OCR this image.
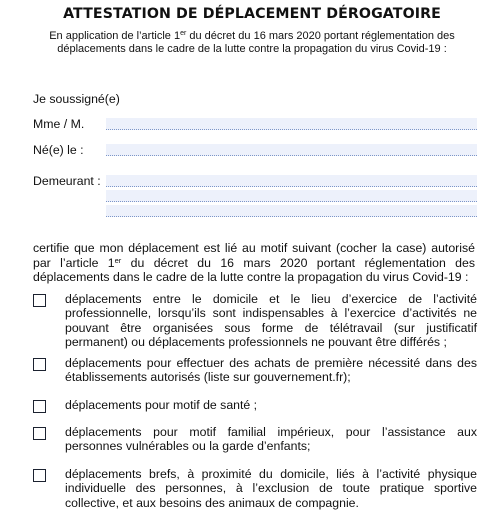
ATTESTATION DE DÉPLACEMENT DÉROGATOIRE

En application de l’article 1er du décret du 16 mars 2020 portant réglementation des déplacements dans le cadre de la lutte contre la propagation du virus Covid-19 :

Je soussigné(e)

Mme / M.

Né(e) le :

Demeurant :

certifie que mon déplacement est lié au motif suivant (cocher la case) autorisé par l’article 1er du décret du 16 mars 2020 portant réglementation des déplacements dans le cadre de la lutte contre la propagation du virus Covid-19 :

déplacements entre le domicile et le lieu d’exercice de l’activité professionnelle, lorsqu’ils sont indispensables à l’exercice d’activités ne pouvant être organisées sous forme de télétravail (sur justificatif permanent) ou déplacements professionnels ne pouvant être différés ;

déplacements pour effectuer des achats de première nécessité dans des établissements autorisés (liste sur gouvernement.fr);

déplacements pour motif de santé ;

déplacements pour motif familial impérieux, pour l’assistance aux personnes vulnérables ou la garde d’enfants;

déplacements brefs, à proximité du domicile, liés à l’activité physique individuelle des personnes, à l’exclusion de toute pratique sportive collective, et aux besoins des animaux de compagnie.
